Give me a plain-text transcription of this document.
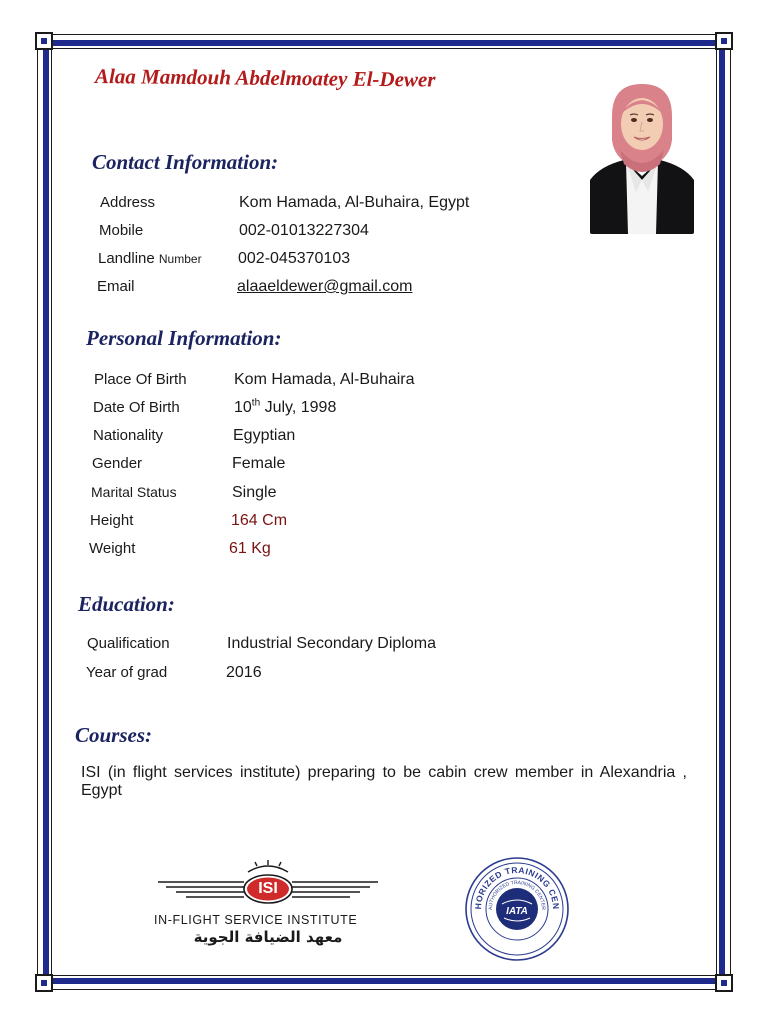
Alaa Mamdouh Abdelmoatey El-Dewer
Contact Information:
Address	Kom Hamada, Al-Buhaira, Egypt
Mobile	002-01013227304
Landline Number 002-045370103
Email	alaaeldewer@gmail.com
Personal Information:
Place Of Birth	Kom Hamada, Al-Buhaira
Date Of Birth	10th July, 1998
Nationality	Egyptian
Gender	Female
Marital Status	Single
Height	164 Cm
Weight	61 Kg
Education:
Qualification	Industrial Secondary Diploma
Year of grad	2016
Courses:
ISI (in flight services institute) preparing to be cabin crew member in Alexandria , Egypt
ISI
IN-FLIGHT SERVICE INSTITUTE
معهد الضيافة الجوية
HORIZED TRAINING CEN
AUTHORIZED TRAINING CENTER
IATA
